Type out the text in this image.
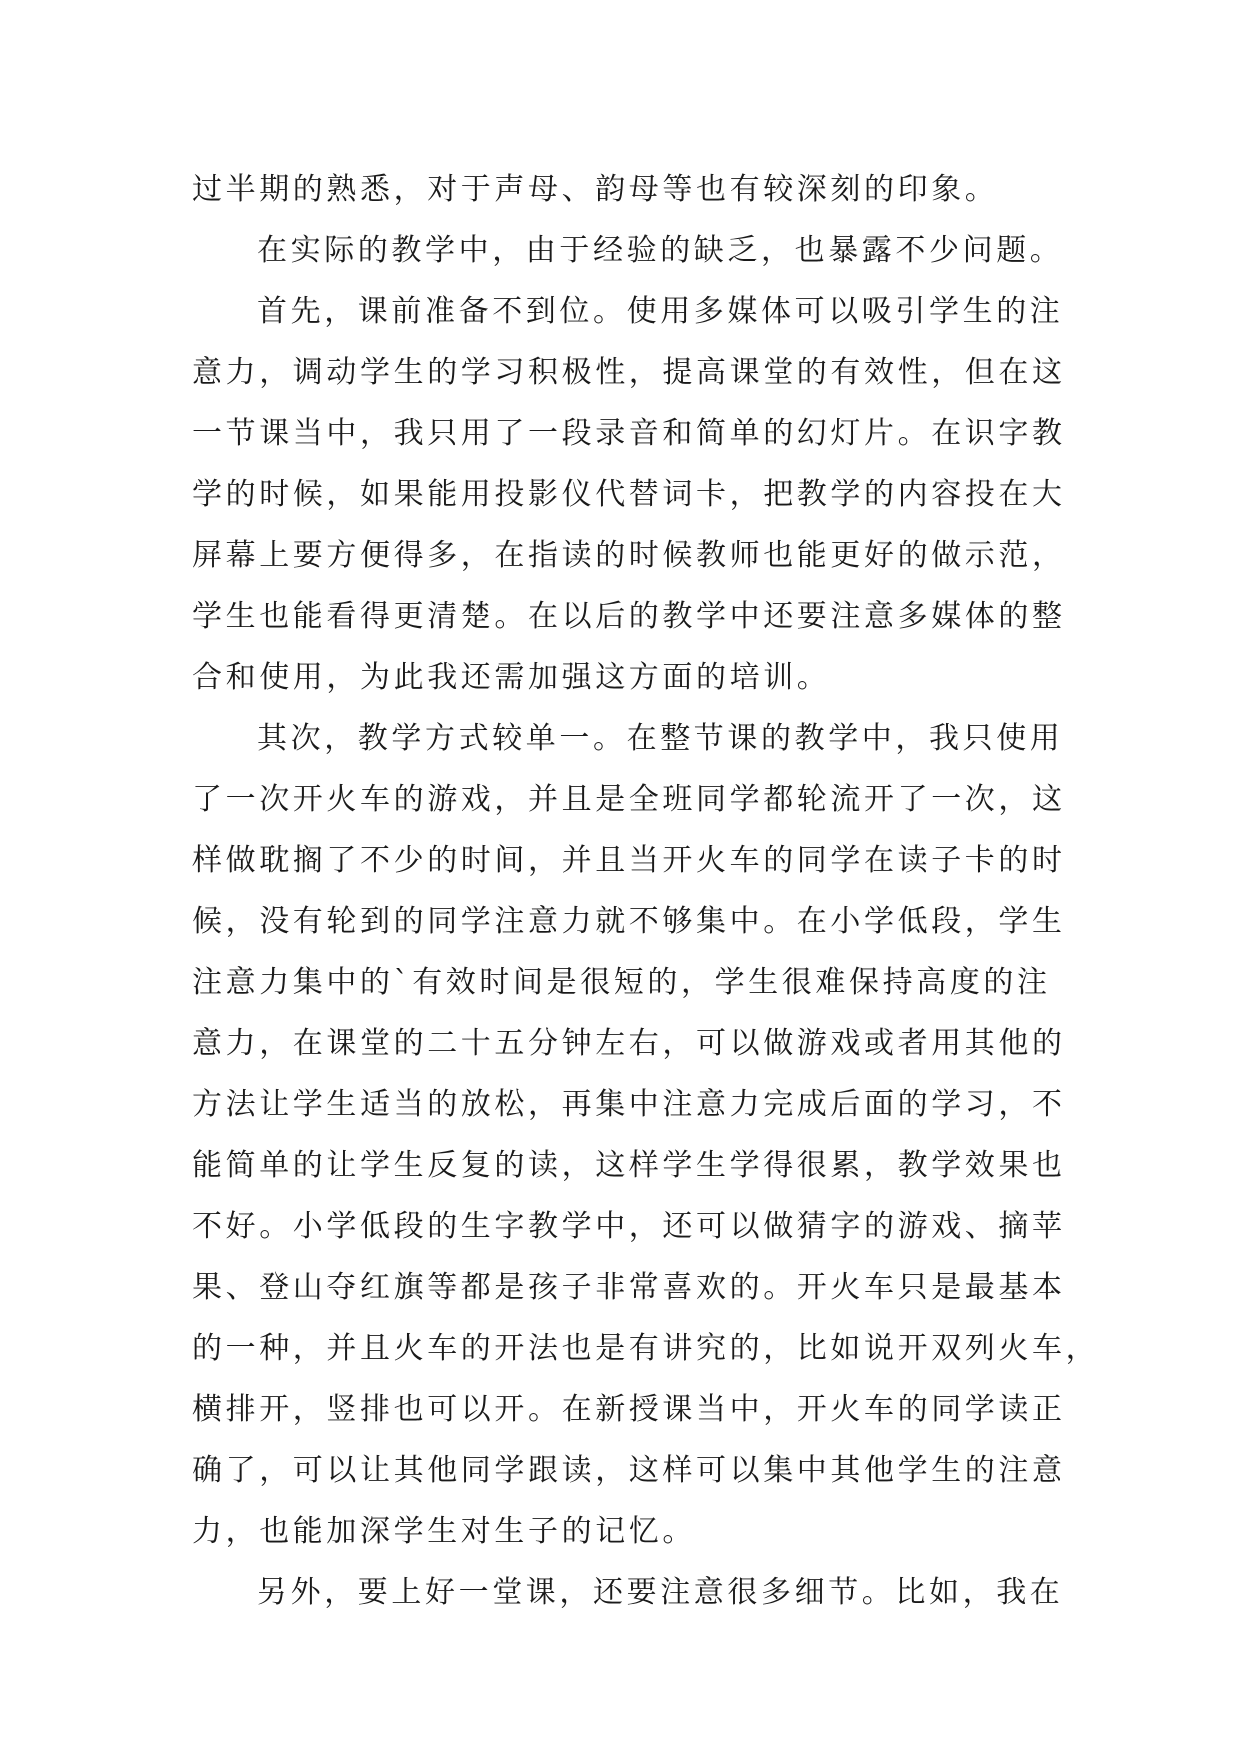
过半期的熟悉，对于声母、韵母等也有较深刻的印象。
在实际的教学中，由于经验的缺乏，也暴露不少问题。
首先，课前准备不到位。使用多媒体可以吸引学生的注
意力，调动学生的学习积极性，提高课堂的有效性，但在这
一节课当中，我只用了一段录音和简单的幻灯片。在识字教
学的时候，如果能用投影仪代替词卡，把教学的内容投在大
屏幕上要方便得多，在指读的时候教师也能更好的做示范，
学生也能看得更清楚。在以后的教学中还要注意多媒体的整
合和使用，为此我还需加强这方面的培训。
其次，教学方式较单一。在整节课的教学中，我只使用
了一次开火车的游戏，并且是全班同学都轮流开了一次，这
样做耽搁了不少的时间，并且当开火车的同学在读子卡的时
候，没有轮到的同学注意力就不够集中。在小学低段，学生
注意力集中的`有效时间是很短的，学生很难保持高度的注
意力，在课堂的二十五分钟左右，可以做游戏或者用其他的
方法让学生适当的放松，再集中注意力完成后面的学习，不
能简单的让学生反复的读，这样学生学得很累，教学效果也
不好。小学低段的生字教学中，还可以做猜字的游戏、摘苹
果、登山夺红旗等都是孩子非常喜欢的。开火车只是最基本
的一种，并且火车的开法也是有讲究的，比如说开双列火车，
横排开，竖排也可以开。在新授课当中，开火车的同学读正
确了，可以让其他同学跟读，这样可以集中其他学生的注意
力，也能加深学生对生子的记忆。
另外，要上好一堂课，还要注意很多细节。比如，我在
